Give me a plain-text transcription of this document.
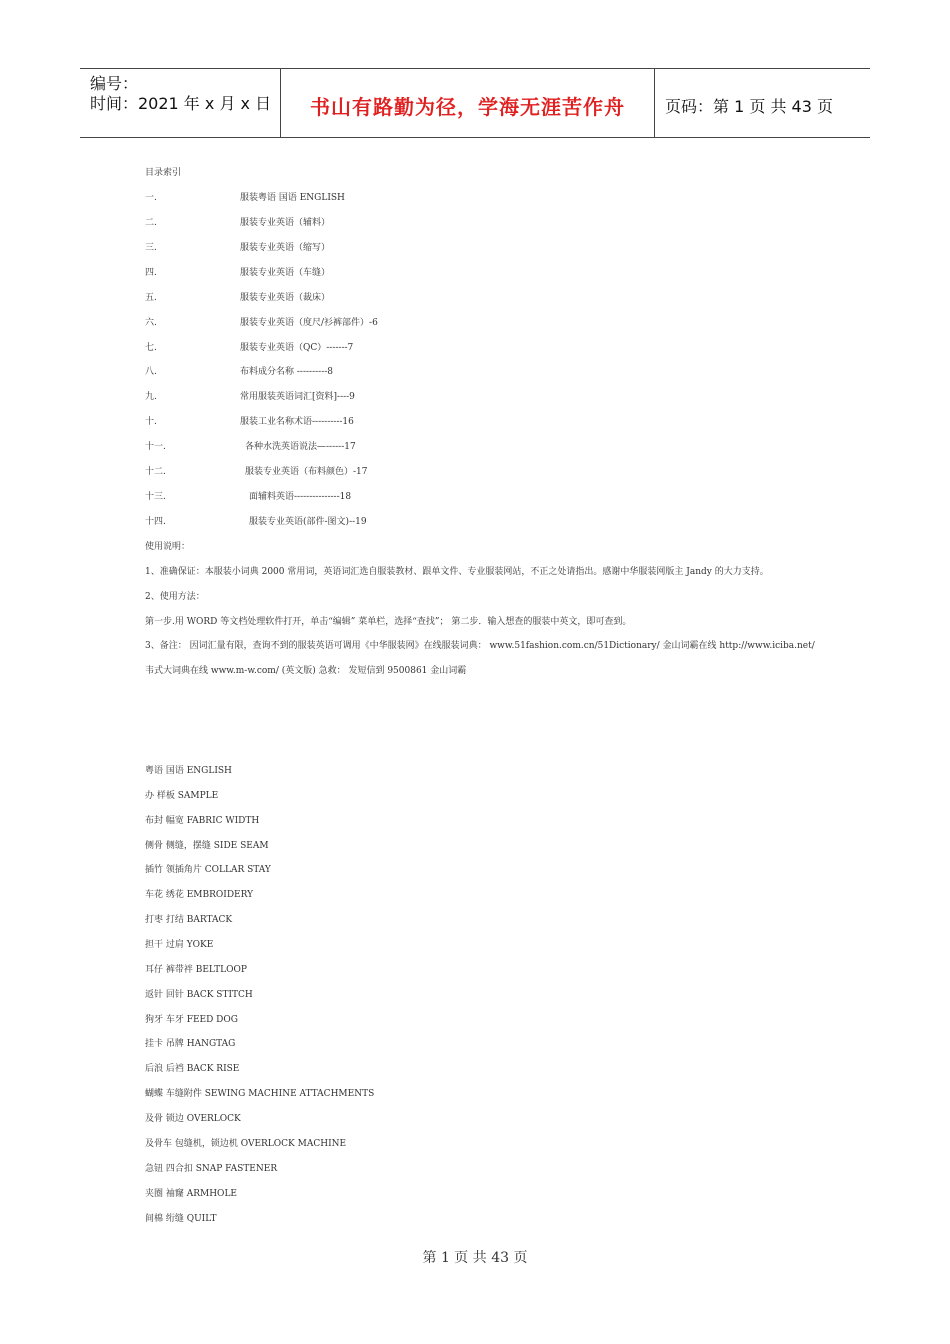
编号：
时间：2021 年 x 月 x 日	书山有路勤为径，学海无涯苦作舟	页码：第 1 页 共 43 页
目录索引
一.	服装粤语 国语 ENGLISH
二.	服装专业英语（辅料）
三.	服装专业英语（缩写）
四.	服装专业英语（车缝）
五.	服装专业英语（裁床）
六.	服装专业英语（度尺/衫裤部件）-6
七.	服装专业英语（QC）-------7
八.	布料成分名称 ----------8
九.	常用服装英语词汇[资料]----9
十.	服装工业名称术语----------16
十一.	各种水洗英语说法—------17
十二.	服装专业英语（布料颜色）-17
十三.	面辅料英语---------------18
十四.	服装专业英语(部件-图文)--19
使用说明：
1、准确保证：本服装小词典 2000 常用词，英语词汇选自服装教材、跟单文件、专业服装网站，不正之处请指出。感谢中华服装网版主 Jandy 的大力支持。
2、使用方法：
第一步.用 WORD 等文档处理软件打开，单击“编辑” 菜单栏，选择“查找”； 第二步．输入想查的服装中英文，即可查到。
3、备注： 因词汇量有限，查询不到的服装英语可调用《中华服装网》在线服装词典： www.51fashion.com.cn/51Dictionary/ 金山词霸在线 http://www.iciba.net/
韦式大词典在线 www.m-w.com/ (英文版) 急救： 发短信到 9500861 金山词霸
粤语 国语 ENGLISH
办 样板 SAMPLE
布封 幅宽 FABRIC WIDTH
侧骨 侧缝，摆缝 SIDE SEAM
插竹 领插角片 COLLAR STAY
车花 绣花 EMBROIDERY
打枣 打结 BARTACK
担干 过肩 YOKE
耳仔 裤带袢 BELTLOOP
返针 回针 BACK STITCH
狗牙 车牙 FEED DOG
挂卡 吊牌 HANGTAG
后浪 后裆 BACK RISE
蝴蝶 车缝附件 SEWING MACHINE ATTACHMENTS
及骨 锁边 OVERLOCK
及骨车 包缝机，锁边机 OVERLOCK MACHINE
急钮 四合扣 SNAP FASTENER
夹圈 袖窿 ARMHOLE
间棉 绗缝 QUILT
第 1 页 共 43 页
